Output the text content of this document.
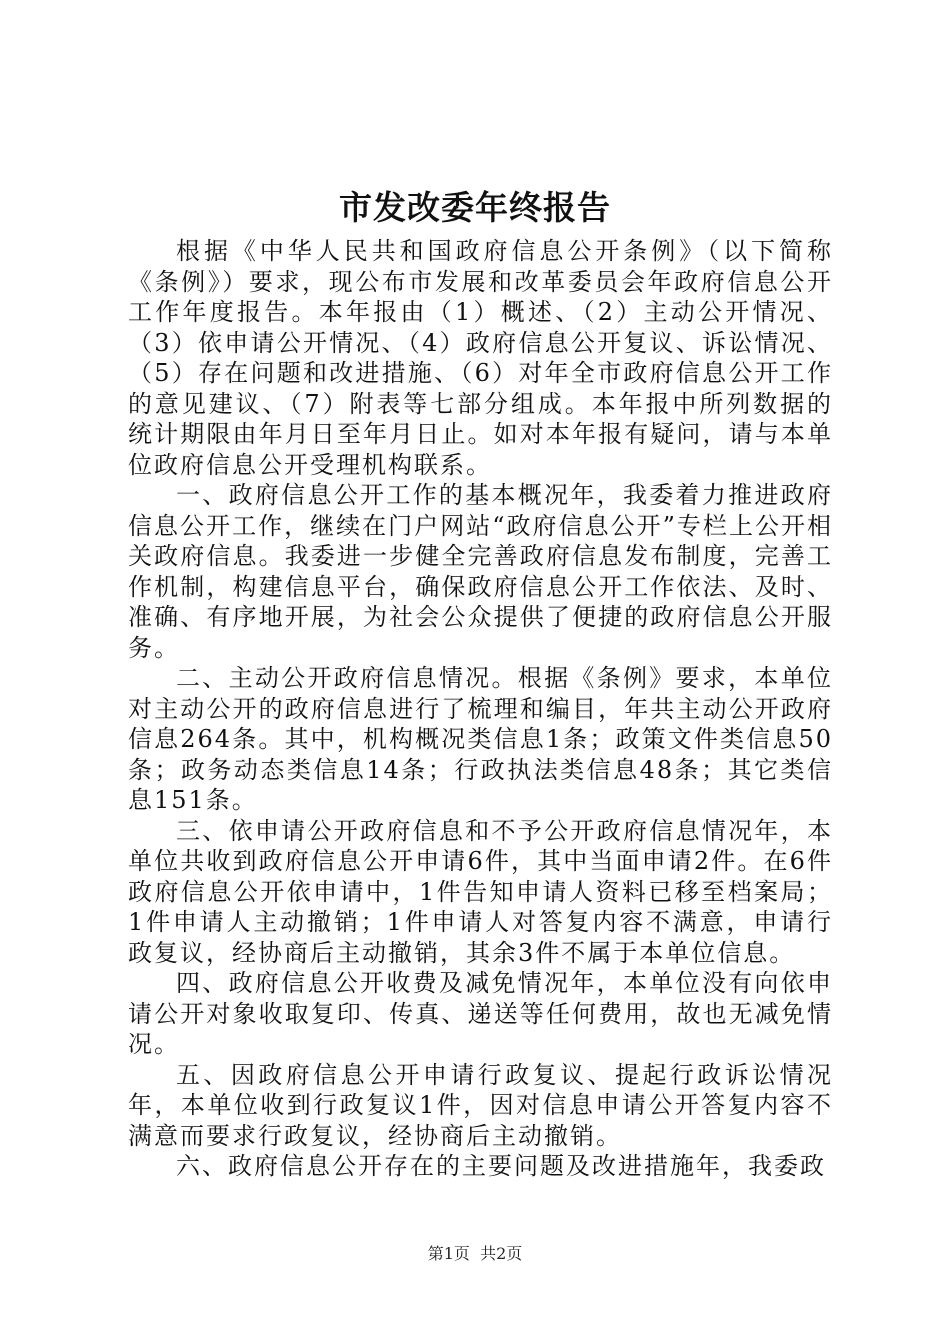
市发改委年终报告

根据《中华人民共和国政府信息公开条例》（以下简称《条例》）要求，现公布市发展和改革委员会年政府信息公开工作年度报告。本年报由（1）概述、（2）主动公开情况、（3）依申请公开情况、（4）政府信息公开复议、诉讼情况、（5）存在问题和改进措施、（6）对年全市政府信息公开工作的意见建议、（7）附表等七部分组成。本年报中所列数据的统计期限由年月日至年月日止。如对本年报有疑问，请与本单位政府信息公开受理机构联系。

一、政府信息公开工作的基本概况年，我委着力推进政府信息公开工作，继续在门户网站“政府信息公开”专栏上公开相关政府信息。我委进一步健全完善政府信息发布制度，完善工作机制，构建信息平台，确保政府信息公开工作依法、及时、准确、有序地开展，为社会公众提供了便捷的政府信息公开服务。

二、主动公开政府信息情况。根据《条例》要求，本单位对主动公开的政府信息进行了梳理和编目，年共主动公开政府信息264条。其中，机构概况类信息1条；政策文件类信息50条；政务动态类信息14条；行政执法类信息48条；其它类信息151条。

三、依申请公开政府信息和不予公开政府信息情况年，本单位共收到政府信息公开申请6件，其中当面申请2件。在6件政府信息公开依申请中，1件告知申请人资料已移至档案局；1件申请人主动撤销；1件申请人对答复内容不满意，申请行政复议，经协商后主动撤销，其余3件不属于本单位信息。

四、政府信息公开收费及减免情况年，本单位没有向依申请公开对象收取复印、传真、递送等任何费用，故也无减免情况。

五、因政府信息公开申请行政复议、提起行政诉讼情况年，本单位收到行政复议1件，因对信息申请公开答复内容不满意而要求行政复议，经协商后主动撤销。

六、政府信息公开存在的主要问题及改进措施年，我委政

第1页  共2页
